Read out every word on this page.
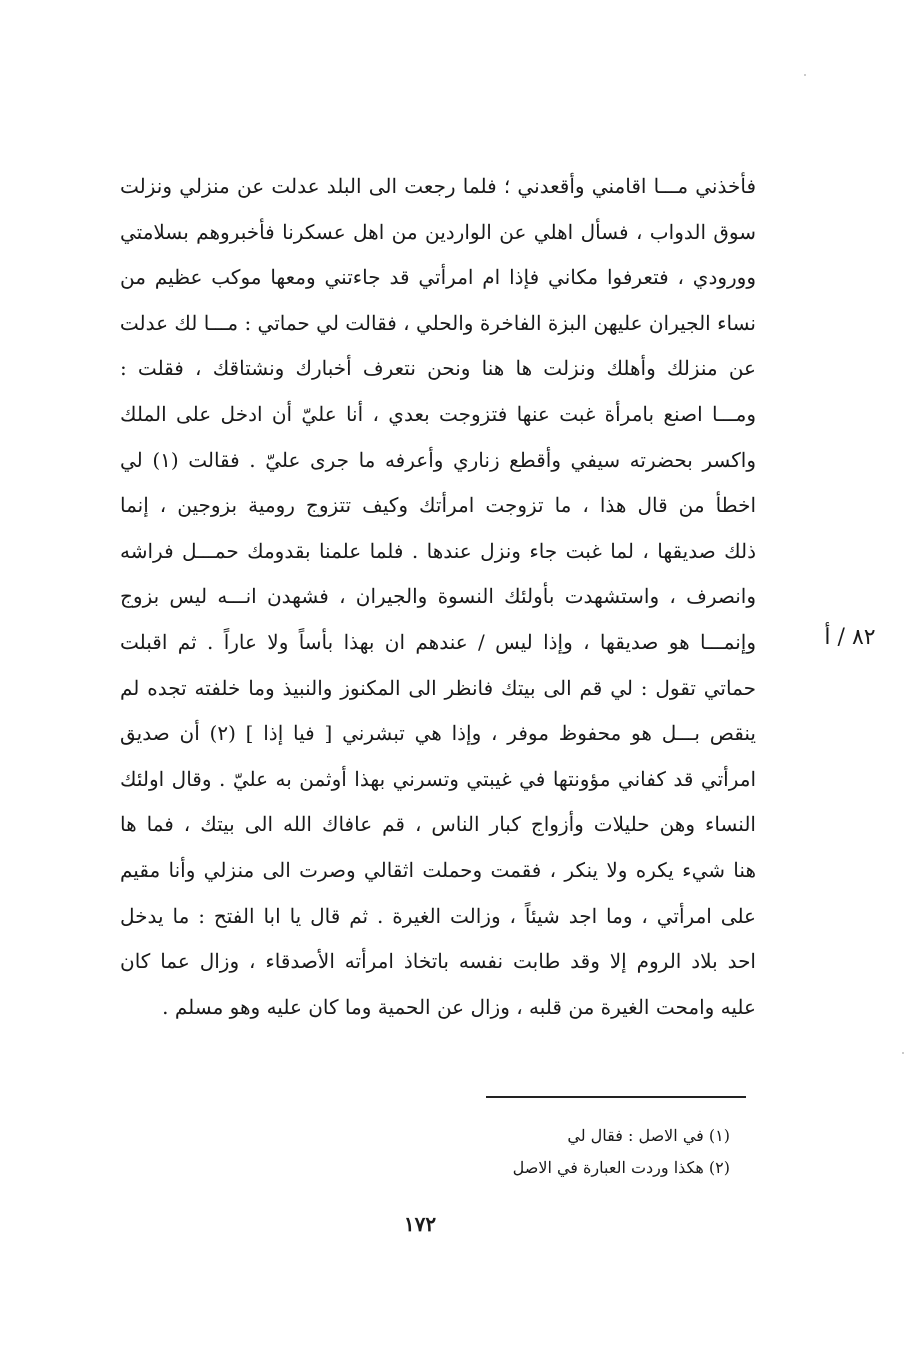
فأخذني مـــا اقامني وأقعدني ؛ فلما رجعت الى البلد عدلت عن منزلي ونزلت
سوق الدواب ، فسأل اهلي عن الواردين من اهل عسكرنا فأخبروهم بسلامتي
وورودي ، فتعرفوا مكاني فإذا ام امرأتي قد جاءتني ومعها موكب عظيم من
نساء الجيران عليهن البزة الفاخرة والحلي ، فقالت لي حماتي : مـــا لك عدلت
عن منزلك وأهلك ونزلت ها هنا ونحن نتعرف أخبارك ونشتاقك ، فقلت :
ومـــا اصنع بامرأة غبت عنها فتزوجت بعدي ، أنا عليّ أن ادخل على الملك
واكسر بحضرته سيفي وأقطع زناري وأعرفه ما جرى عليّ . فقالت (١) لي
اخطأ من قال هذا ، ما تزوجت امرأتك وكيف تتزوج رومية بزوجين ، إنما
ذلك صديقها ، لما غبت جاء ونزل عندها . فلما علمنا بقدومك حمـــل فراشه
وانصرف ، واستشهدت بأولئك النسوة والجيران ، فشهدن انـــه ليس بزوج
وإنمـــا هو صديقها ، وإذا ليس / عندهم ان بهذا بأساً ولا عاراً . ثم اقبلت
حماتي تقول : لي قم الى بيتك فانظر الى المكنوز والنبيذ وما خلفته تجده لم
ينقص بـــل هو محفوظ موفر ، وإذا هي تبشرني [ فيا إذا ] (٢) أن صديق
امرأتي قد كفاني مؤونتها في غيبتي وتسرني بهذا أوثمن به عليّ . وقال اولئك
النساء وهن حليلات وأزواج كبار الناس ، قم عافاك الله الى بيتك ، فما ها
هنا شيء يكره ولا ينكر ، فقمت وحملت اثقالي وصرت الى منزلي وأنا مقيم
على امرأتي ، وما اجد شيئاً ، وزالت الغيرة . ثم قال يا ابا الفتح : ما يدخل
احد بلاد الروم إلا وقد طابت نفسه باتخاذ امرأته الأصدقاء ، وزال عما كان
عليه وامحت الغيرة من قلبه ، وزال عن الحمية وما كان عليه وهو مسلم .
٨٢ / أ
(١) في الاصل : فقال لي
(٢) هكذا وردت العبارة في الاصل
١٧٢
